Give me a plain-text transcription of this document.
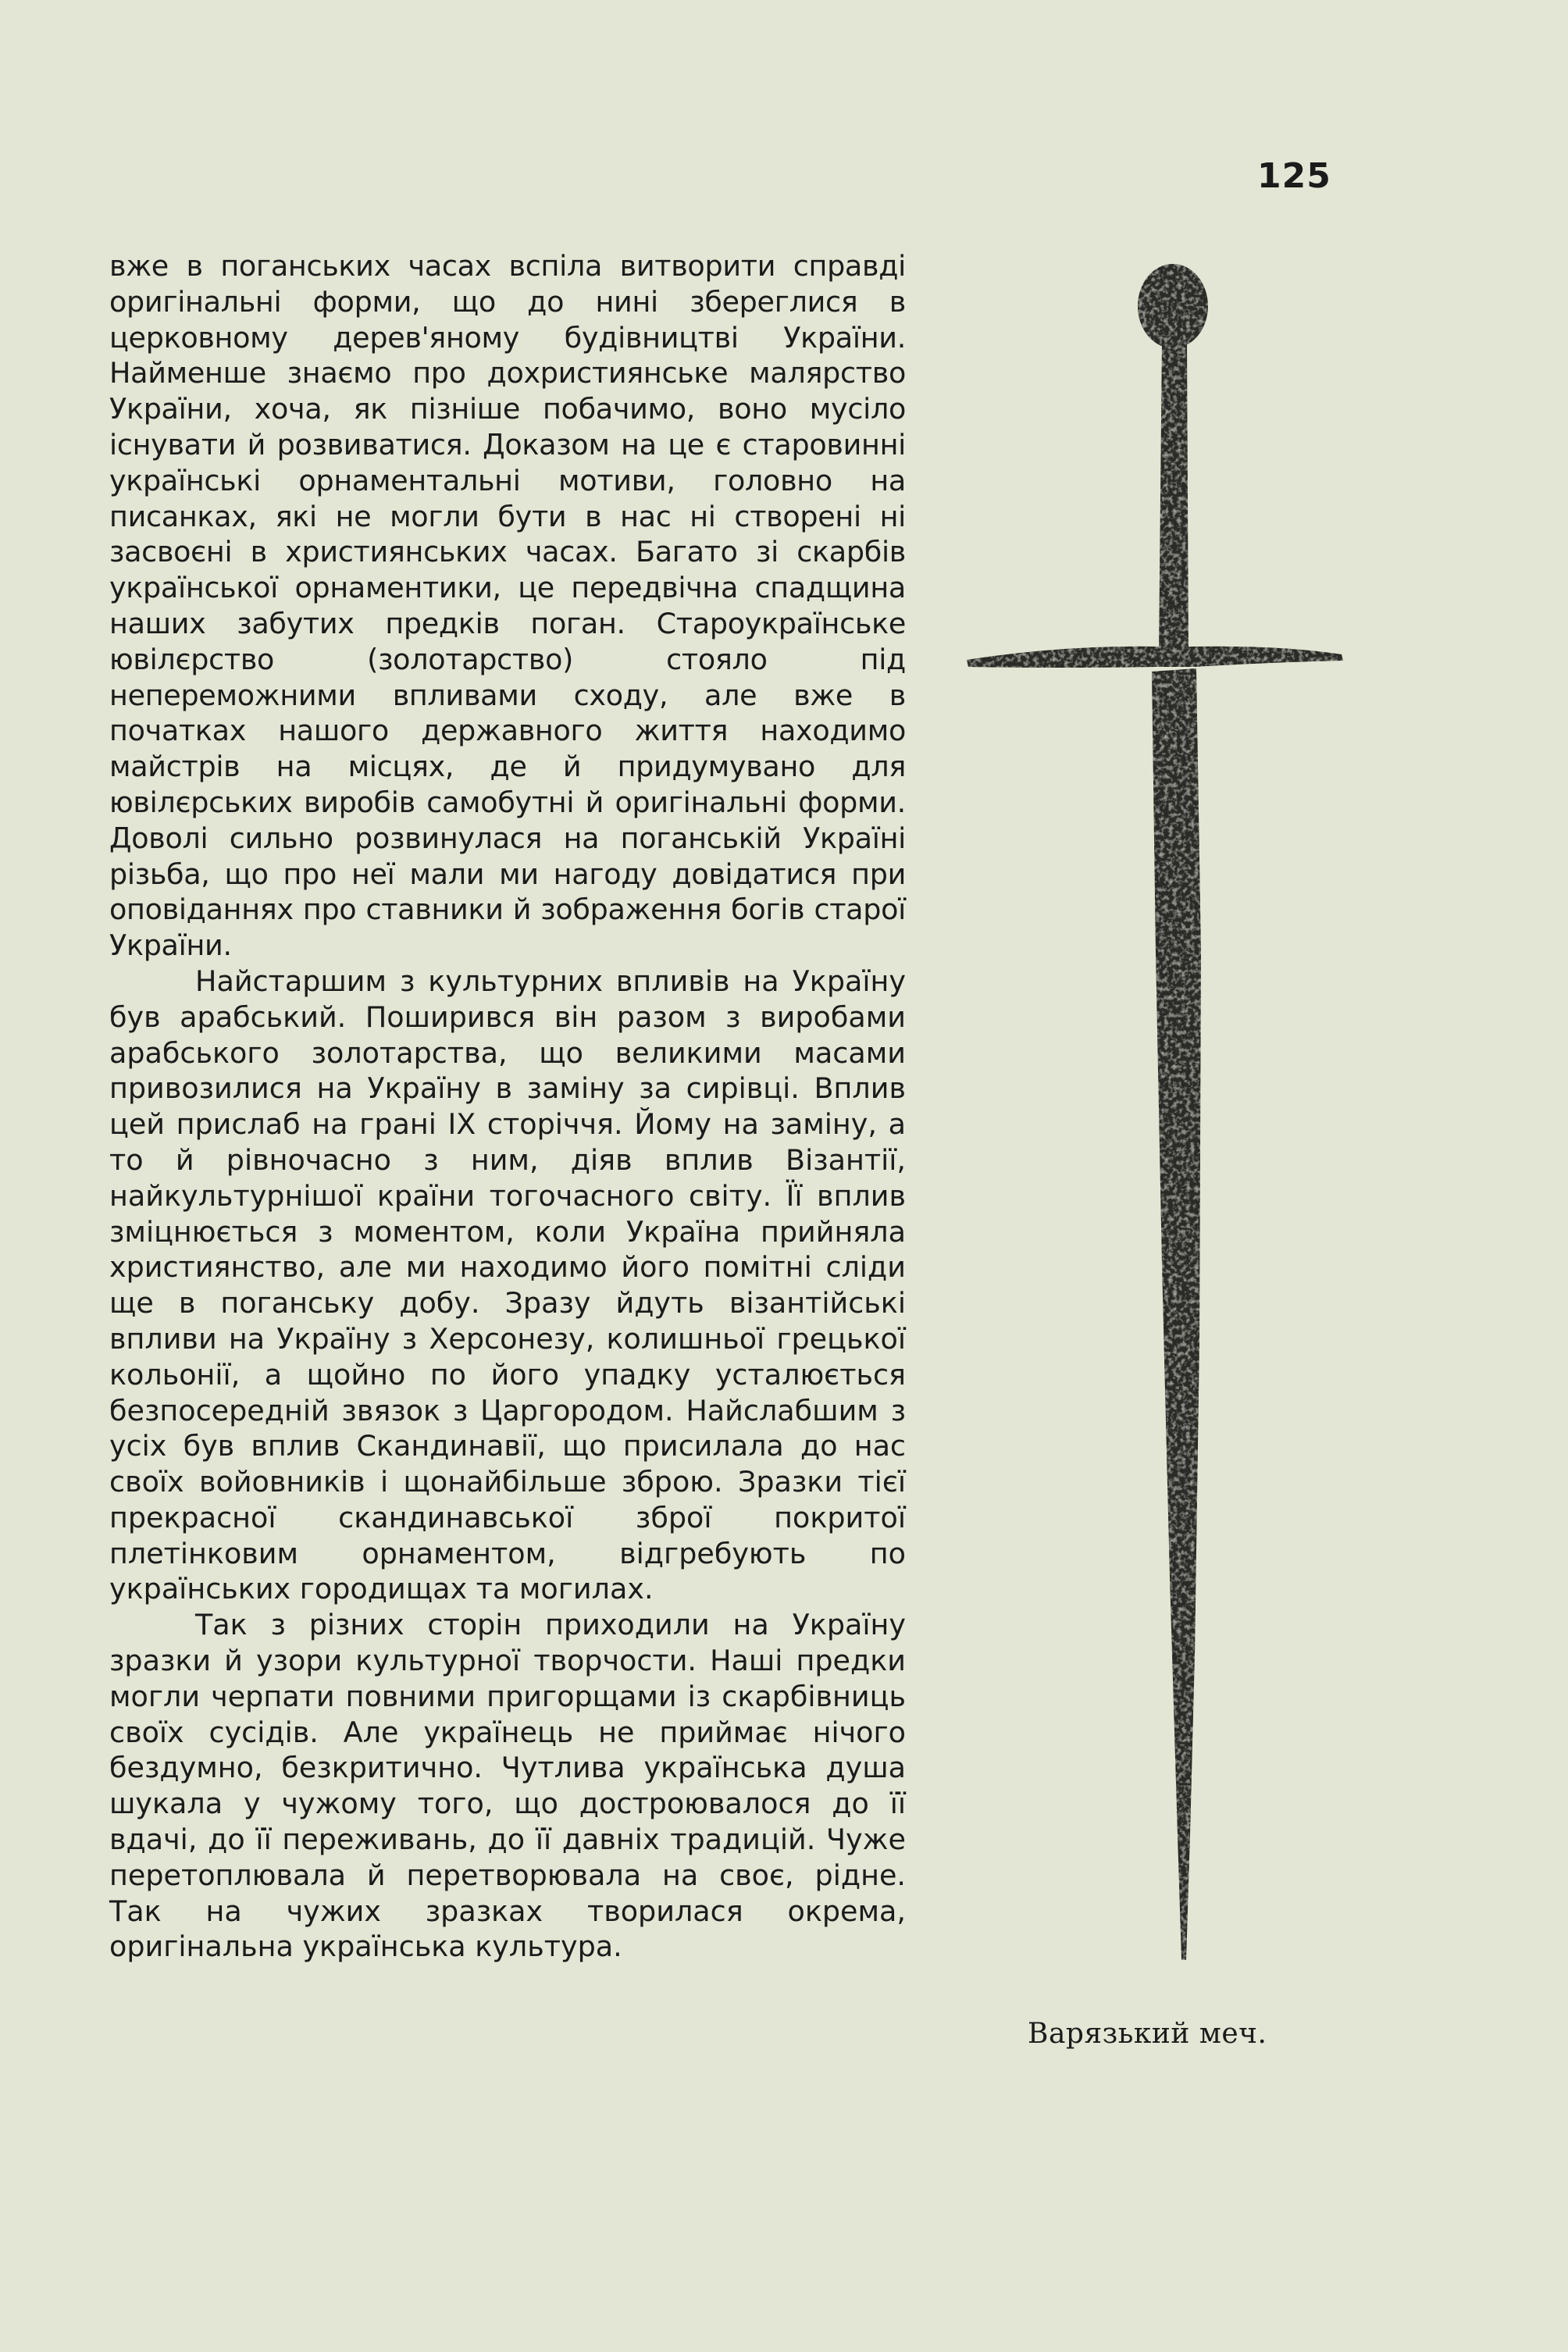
125

вже в поганських часах вспіла витворити справді оригінальні форми, що до нині збереглися в церковному дерев'яному будівництві України. Найменше знаємо про дохристиянське малярство України, хоча, як пізніше побачимо, воно мусіло існувати й розвиватися. Доказом на це є старовинні українські орнаментальні мотиви, головно на писанках, які не могли бути в нас ні створені ні засвоєні в християнських часах. Багато зі скарбів української орнаментики, це передвічна спадщина наших забутих предків поган. Староукраїнське ювілєрство (золотарство) стояло під непереможними впливами сходу, але вже в початках нашого державного життя находимо майстрів на місцях, де й придумувано для ювілєрських виробів самобутні й оригінальні форми. Доволі сильно розвинулася на поганській Україні різьба, що про неї мали ми нагоду довідатися при оповіданнях про ставники й зображення богів старої України.

Найстаршим з культурних впливів на Україну був арабський. Поширився він разом з виробами арабського золотарства, що великими масами привозилися на Україну в заміну за сирівці. Вплив цей прислаб на грані IX сторіччя. Йому на заміну, а то й рівночасно з ним, діяв вплив Візантії, найкультурнішої країни тогочасного світу. Її вплив зміцнюється з моментом, коли Україна прийняла християнство, але ми находимо його помітні сліди ще в поганську добу. Зразу йдуть візантійські впливи на Україну з Херсонезу, колишньої грецької кольонії, а щойно по його упадку усталюється безпосередній звязок з Царгородом. Найслабшим з усіх був вплив Скандинавії, що присилала до нас своїх войовників і щонайбільше зброю. Зразки тієї прекрасної скандинавської зброї покритої плетінковим орнаментом, відгребують по українських городищах та могилах.

Так з різних сторін приходили на Україну зразки й узори культурної творчости. Наші предки могли черпати повними пригорщами із скарбівниць своїх сусідів. Але українець не приймає нічого бездумно, безкритично. Чутлива українська душа шукала у чужому того, що достроювалося до її вдачі, до її переживань, до її давніх традицій. Чуже перетоплювала й перетворювала на своє, рідне. Так на чужих зразках творилася окрема, оригінальна українська культура.

Варязький меч.
